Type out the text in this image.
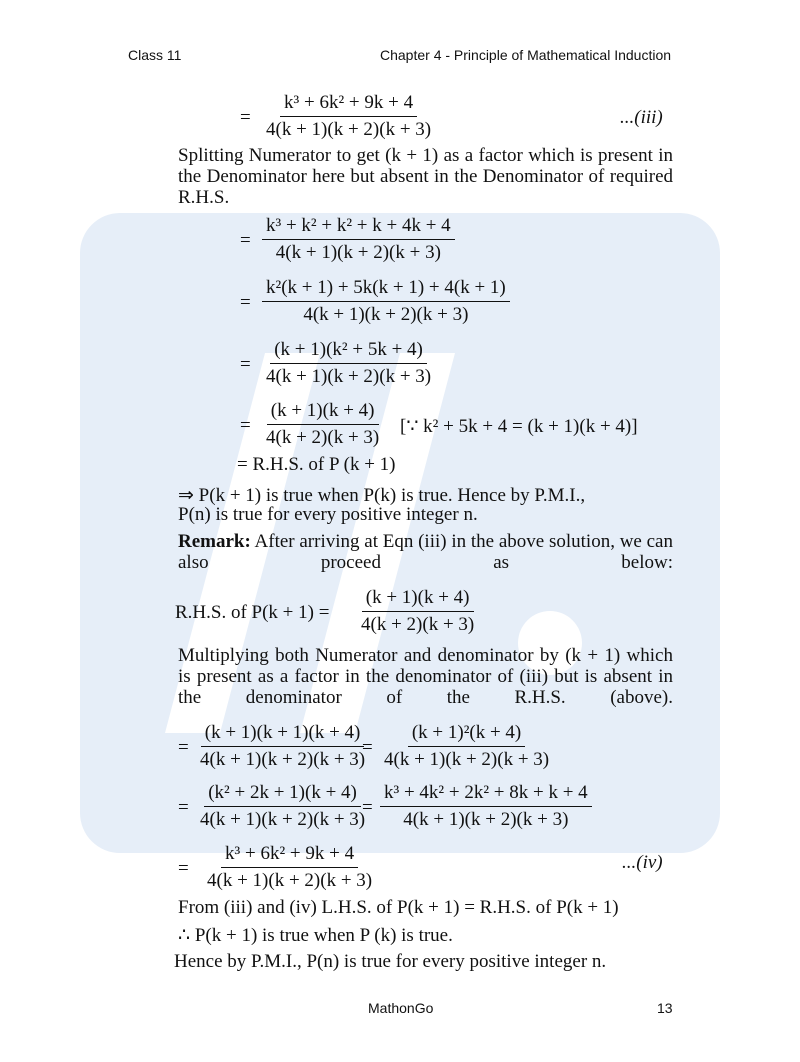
Class 11	Chapter 4 - Principle of Mathematical Induction
= $\frac{\text{k³ + 6k² + 9k + 4}}{4(k + 1)(k + 2)(k + 3)}$	...(iii)
Splitting Numerator to get (k + 1) as a factor which is present in the Denominator here but absent in the Denominator of required R.H.S.
= $\frac{\text{k³ + k² + k² + k + 4k + 4}}{4(k + 1)(k + 2)(k + 3)}$
= $\frac{\text{k²(k + 1) + 5k(k + 1) + 4(k + 1)}}{4(k + 1)(k + 2)(k + 3)}$
= $\frac{\text{(k + 1)(k² + 5k + 4)}}{4(k + 1)(k + 2)(k + 3)}$
= $\frac{(k + 1)(k + 4)}{4(k + 2)(k + 3)}$ [∵ k² + 5k + 4 = (k + 1)(k + 4)]
= R.H.S. of P (k + 1)
⇒ P(k + 1) is true when P(k) is true. Hence by P.M.I.,
P(n) is true for every positive integer n.
Remark: After arriving at Eqn (iii) in the above solution, we can also proceed as below:
R.H.S. of $P(k + 1) = \frac{(k + 1)(k + 4)}{4(k + 2)(k + 3)}$
Multiplying both Numerator and denominator by (k + 1) which is present as a factor in the denominator of (iii) but is absent in the denominator of the R.H.S. (above).
= $\frac{(k + 1)(k + 1)(k + 4)}{4(k + 1)(k + 2)(k + 3)}$
= $\frac{\text{(k + 1)²(k + 4)}}{4(k + 1)(k + 2)(k + 3)}$
= $\frac{\text{(k² + 2k + 1)(k + 4)}}{4(k + 1)(k + 2)(k + 3)}$
= $\frac{\text{k³ + 4k² + 2k² + 8k + k + 4}}{4(k + 1)(k + 2)(k + 3)}$
= $\frac{\text{k³ + 6k² + 9k + 4}}{4(k + 1)(k + 2)(k + 3)}$	...(iv)
From (iii) and (iv) L.H.S. of P(k + 1) = R.H.S. of P(k + 1)
∴ P(k + 1) is true when P (k) is true.
Hence by P.M.I., P(n) is true for every positive integer n.
MathonGo	13
